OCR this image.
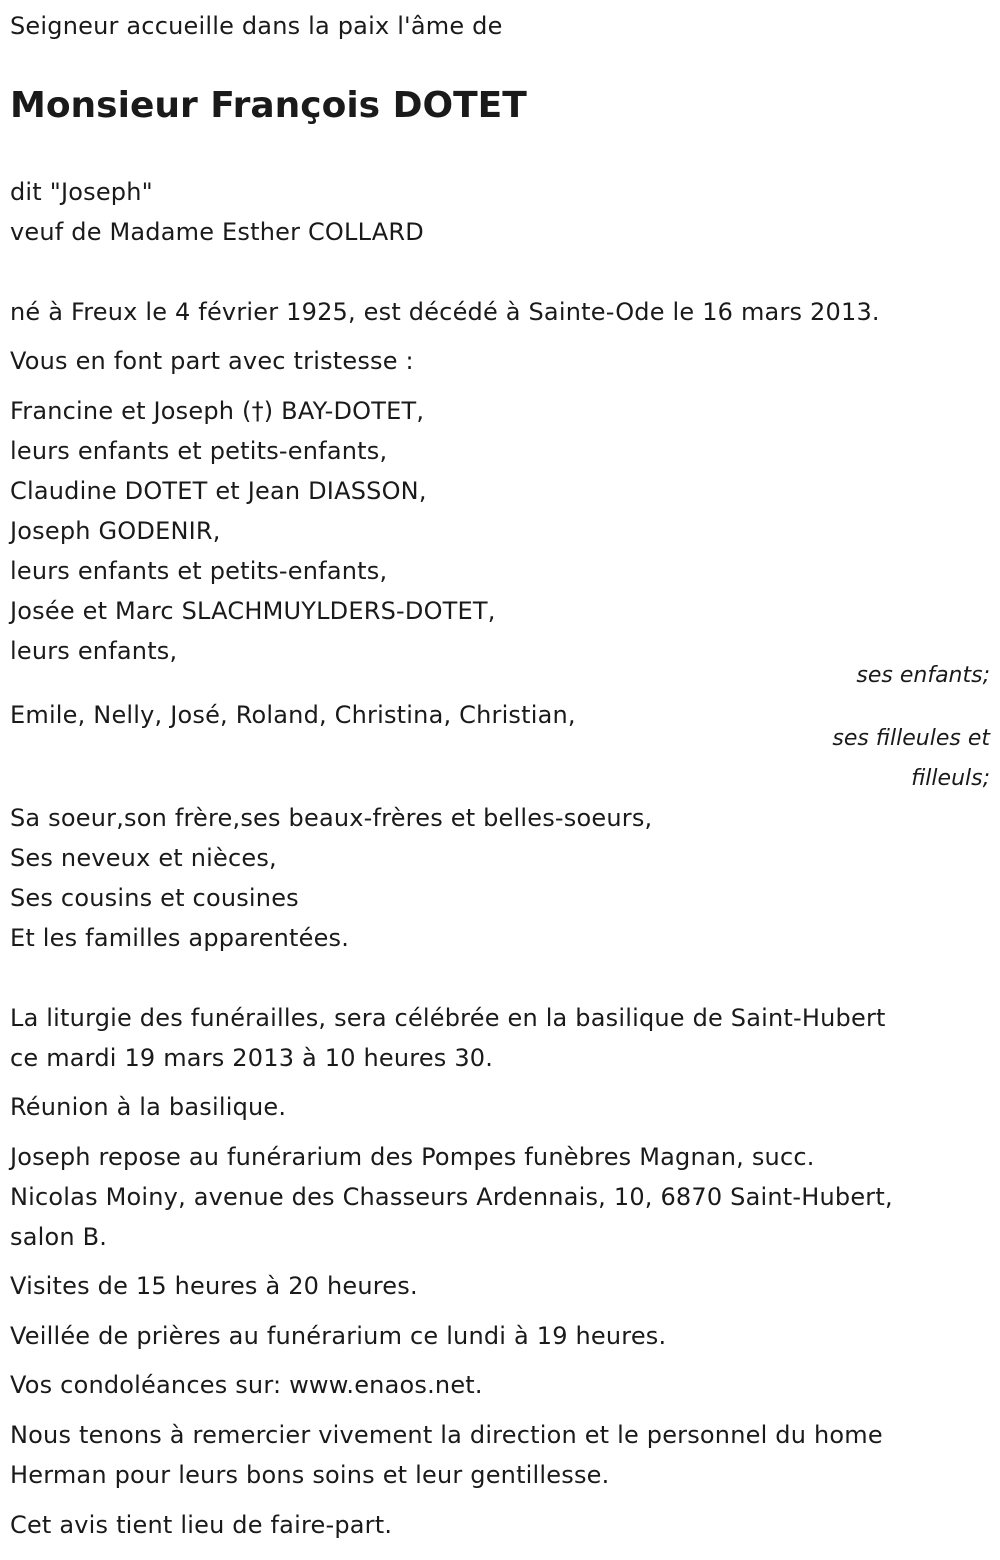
Seigneur accueille dans la paix l'âme de
Monsieur François DOTET
dit "Joseph"
veuf de Madame Esther COLLARD
né à Freux le 4 février 1925, est décédé à Sainte-Ode le 16 mars 2013.
Vous en font part avec tristesse :
Francine et Joseph (†) BAY-DOTET,
leurs enfants et petits-enfants,
Claudine DOTET et Jean DIASSON,
Joseph GODENIR,
leurs enfants et petits-enfants,
Josée et Marc SLACHMUYLDERS-DOTET,
leurs enfants,
ses enfants;
Emile, Nelly, José, Roland, Christina, Christian,
ses filleules et
filleuls;
Sa soeur,son frère,ses beaux-frères et belles-soeurs,
Ses neveux et nièces,
Ses cousins et cousines
Et les familles apparentées.
La liturgie des funérailles, sera célébrée en la basilique de Saint-Hubert
ce mardi 19 mars 2013 à 10 heures 30.
Réunion à la basilique.
Joseph repose au funérarium des Pompes funèbres Magnan, succ.
Nicolas Moiny, avenue des Chasseurs Ardennais, 10, 6870 Saint-Hubert,
salon B.
Visites de 15 heures à 20 heures.
Veillée de prières au funérarium ce lundi à 19 heures.
Vos condoléances sur: www.enaos.net.
Nous tenons à remercier vivement la direction et le personnel du home
Herman pour leurs bons soins et leur gentillesse.
Cet avis tient lieu de faire-part.
